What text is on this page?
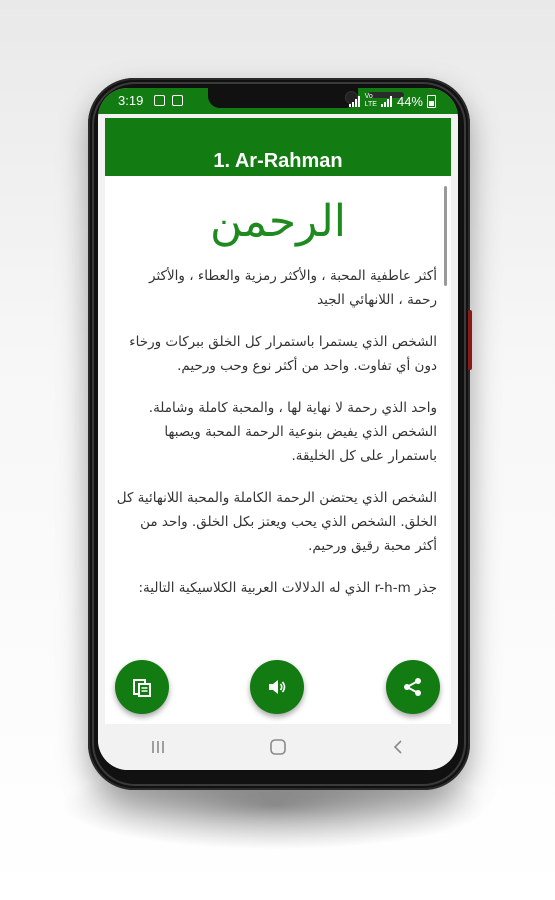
3:19	Vo
LTE 44%
1. Ar-Rahman
الرحمن

أكثر عاطفية المحبة ، والأكثر رمزية والعطاء ، والأكثر رحمة ، اللانهائي الجيد

الشخص الذي يستمرا باستمرار كل الخلق ببركات ورخاء دون أي تفاوت. واحد من أكثر نوع وحب ورحيم.

واحد الذي رحمة لا نهاية لها ، والمحبة كاملة وشاملة. الشخص الذي يفيض بنوعية الرحمة المحبة ويصبها باستمرار على كل الخليقة.

الشخص الذي يحتضن الرحمة الكاملة والمحبة اللانهائية كل الخلق. الشخص الذي يحب ويعتز بكل الخلق. واحد من أكثر محبة رقيق ورحيم.

جذر r-h-m الذي له الدلالات العربية الكلاسيكية التالية:
